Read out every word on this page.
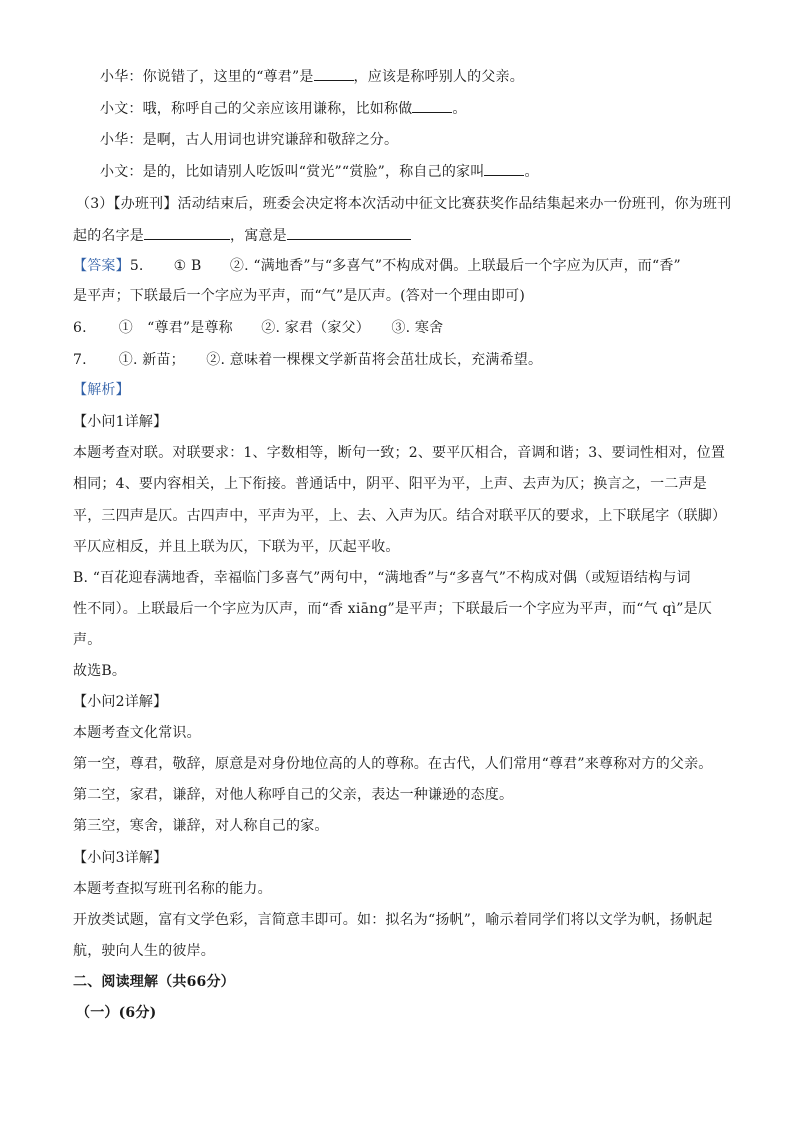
小华：你说错了，这里的“尊君”是	，应该是称呼别人的父亲。
小文：哦，称呼自己的父亲应该用谦称，比如称做	。
小华：是啊，古人用词也讲究谦辞和敬辞之分。
小文：是的，比如请别人吃饭叫“赏光”“赏脸”，称自己的家叫	。
（3）【办班刊】活动结束后，班委会决定将本次活动中征文比赛获奖作品结集起来办一份班刊，你为班刊
起的名字是	，寓意是
【答案】5. ① B　　②. “满地香”与“多喜气”不构成对偶。上联最后一个字应为仄声，而“香”
是平声；下联最后一个字应为平声，而“气”是仄声。(答对一个理由即可)
6. ①　“尊君”是尊称　　②. 家君（家父）　　③. 寒舍
7. ①. 新苗；　　②. 意味着一棵棵文学新苗将会茁壮成长，充满希望。
【解析】
【小问1详解】
本题考查对联。对联要求：1、字数相等，断句一致；2、要平仄相合，音调和谐；3、要词性相对，位置
相同；4、要内容相关，上下衔接。普通话中，阴平、阳平为平，上声、去声为仄；换言之，一二声是
平，三四声是仄。古四声中，平声为平，上、去、入声为仄。结合对联平仄的要求，上下联尾字（联脚）
平仄应相反，并且上联为仄，下联为平，仄起平收。
B. “百花迎春满地香，幸福临门多喜气”两句中，“满地香”与“多喜气”不构成对偶（或短语结构与词
性不同）。上联最后一个字应为仄声，而“香 xiāng”是平声；下联最后一个字应为平声，而“气 qì”是仄
声。
故选B。
【小问2详解】
本题考查文化常识。
第一空，尊君，敬辞，原意是对身份地位高的人的尊称。在古代，人们常用“尊君”来尊称对方的父亲。
第二空，家君，谦辞，对他人称呼自己的父亲，表达一种谦逊的态度。
第三空，寒舍，谦辞，对人称自己的家。
【小问3详解】
本题考查拟写班刊名称的能力。
开放类试题，富有文学色彩，言简意丰即可。如：拟名为“扬帆”，喻示着同学们将以文学为帆，扬帆起
航，驶向人生的彼岸。
二、阅读理解（共66分）
（一）(6分)
